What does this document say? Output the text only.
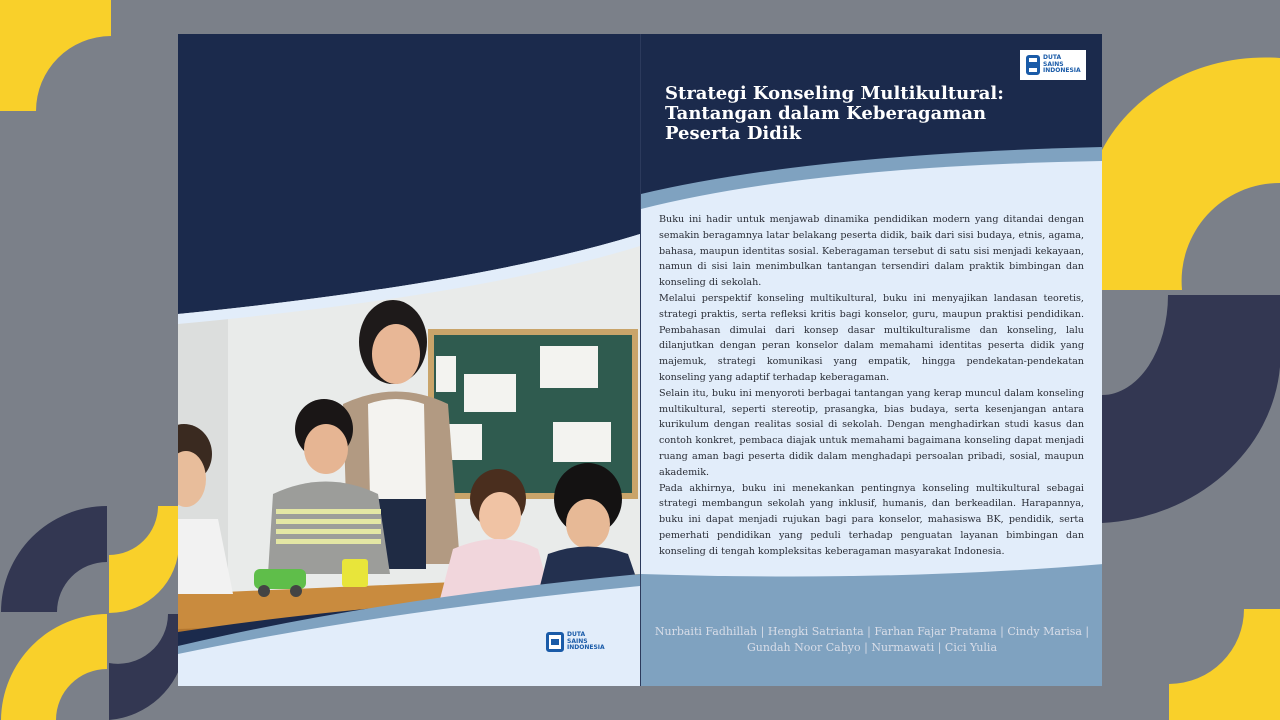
DUTA
SAINS
INDONESIA
DUTA
SAINS
INDONESIA
Strategi Konseling Multikultural:
Tantangan dalam Keberagaman
Peserta Didik

Buku ini hadir untuk menjawab dinamika pendidikan modern yang ditandai dengan semakin beragamnya latar belakang peserta didik, baik dari sisi budaya, etnis, agama, bahasa, maupun identitas sosial. Keberagaman tersebut di satu sisi menjadi kekayaan, namun di sisi lain menimbulkan tantangan tersendiri dalam praktik bimbingan dan konseling di sekolah.

Melalui perspektif konseling multikultural, buku ini menyajikan landasan teoretis, strategi praktis, serta refleksi kritis bagi konselor, guru, maupun praktisi pendidikan. Pembahasan dimulai dari konsep dasar multikulturalisme dan konseling, lalu dilanjutkan dengan peran konselor dalam memahami identitas peserta didik yang majemuk, strategi komunikasi yang empatik, hingga pendekatan-pendekatan konseling yang adaptif terhadap keberagaman.

Selain itu, buku ini menyoroti berbagai tantangan yang kerap muncul dalam konseling multikultural, seperti stereotip, prasangka, bias budaya, serta kesenjangan antara kurikulum dengan realitas sosial di sekolah. Dengan menghadirkan studi kasus dan contoh konkret, pembaca diajak untuk memahami bagaimana konseling dapat menjadi ruang aman bagi peserta didik dalam menghadapi persoalan pribadi, sosial, maupun akademik.

Pada akhirnya, buku ini menekankan pentingnya konseling multikultural sebagai strategi membangun sekolah yang inklusif, humanis, dan berkeadilan. Harapannya, buku ini dapat menjadi rujukan bagi para konselor, mahasiswa BK, pendidik, serta pemerhati pendidikan yang peduli terhadap penguatan layanan bimbingan dan konseling di tengah kompleksitas keberagaman masyarakat Indonesia.

Nurbaiti Fadhillah | Hengki Satrianta | Farhan Fajar Pratama | Cindy Marisa |
Gundah Noor Cahyo | Nurmawati | Cici Yulia
